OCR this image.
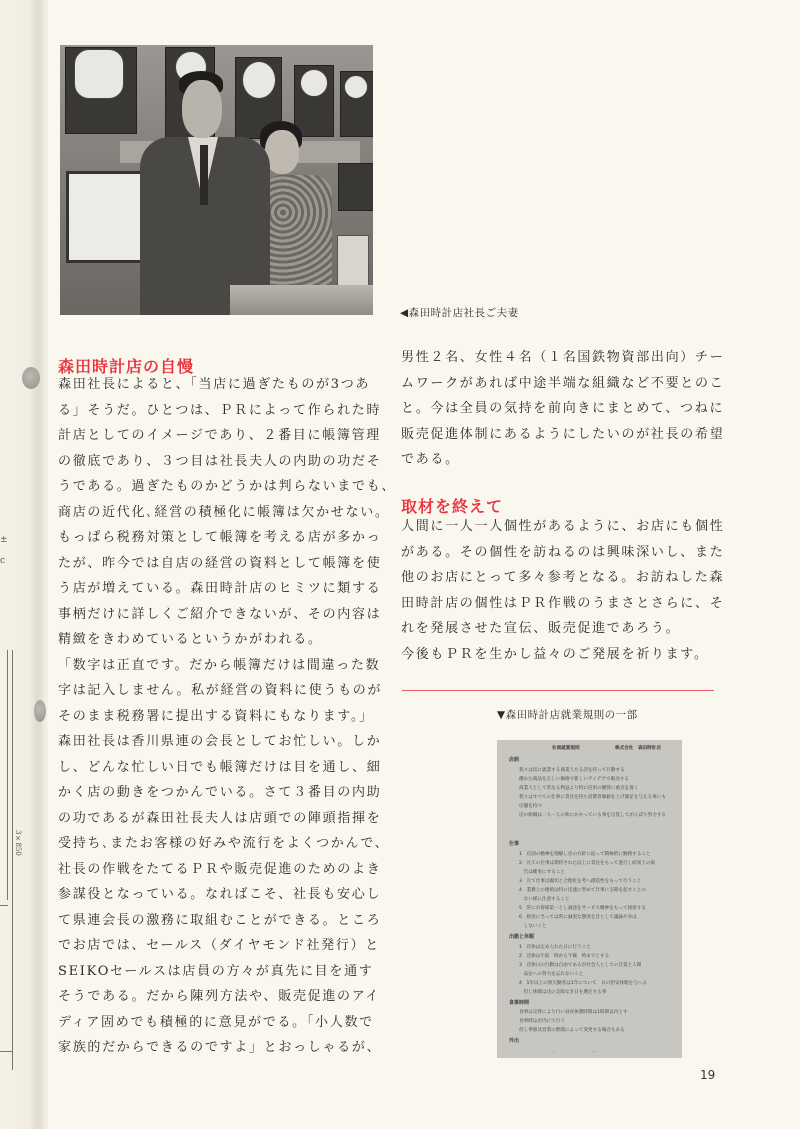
±
c
3×850
◀森田時計店社長ご夫妻
森田時計店の自慢
森田社長によると、「当店に過ぎたものが3つあ
る」そうだ。ひとつは、ＰＲによって作られた時
計店としてのイメージであり、２番目に帳簿管理
の徹底であり、３つ目は社長夫人の内助の功だそ
うである。過ぎたものかどうかは判らないまでも、
商店の近代化､経営の積極化に帳簿は欠かせない。
もっぱら税務対策として帳簿を考える店が多かっ
たが、昨今では自店の経営の資料として帳簿を使
う店が増えている。森田時計店のヒミツに類する
事柄だけに詳しくご紹介できないが、その内容は
精緻をきわめているというかがわれる。
「数字は正直です。だから帳簿だけは間違った数
字は記入しません。私が経営の資料に使うものが
そのまま税務署に提出する資料にもなります。」
森田社長は香川県連の会長としてお忙しい。しか
し、どんな忙しい日でも帳簿だけは目を通し、細
かく店の動きをつかんでいる。さて３番目の内助
の功であるが森田社長夫人は店頭での陣頭指揮を
受持ち､またお客様の好みや流行をよくつかんで、
社長の作戦をたてるＰＲや販売促進のためのよき
参謀役となっている。なればこそ、社長も安心し
て県連会長の激務に取組むことができる。ところ
でお店では、セールス（ダイヤモンド社発行）と
SEIKOセールスは店員の方々が真先に目を通す
そうである。だから陳列方法や、販売促進のアイ
ディア固めでも積極的に意見がでる。「小人数で
家族的だからできるのですよ」とおっしゃるが、
男性２名、女性４名（１名国鉄物資部出向）チー
ムワークがあれば中途半端な組織など不要とのこ
と。今は全員の気持を前向きにまとめて、つねに
販売促進体制にあるようにしたいのが社長の希望
である。
取材を終えて
人間に一人一人個性があるように、お店にも個性
がある。その個性を訪ねるのは興味深いし、また
他のお店にとって多々参考となる。お訪ねした森
田時計店の個性はＰＲ作戦のうまさとさらに、そ
れを発展させた宣伝、販売促進であろう。
今後もＰＲを生かし益々のご発展を祈ります。
▼森田時計店就業規則の一部
社員就業規則	株式会社　森田時計店
店訓
我々は店に就業する商業人たる誇を持って行動する
優れた商品を正しい価格で新しいアイデアで販売する
商業人として常なる利益より特に信用の獲得に重点を置く
我々はすべての仕事に責任を持ち消費者価値を上げ満足を与える事にも
店舗を持つ
店の組織は一人一人の和にかかっている事を自覚してがんばり努力する
仕事
1　店訓の精神を理解し店の方針に従って積極的に勤務すること
2　凡ての仕事は期待された以上に責任をもって遂行し結果上の報
　告は確実にすること
3　凡て仕事は親切と合理化を考へ創造性をもって行うこと
4　業務上の連絡は特に迅速に努めて仕事に支障を起すことの
　ない様に注意すること
5　常にお客様第一とし誠意をサービス精神をもって接客する
6　接客に当っては常に誠実な態度を旨として議論や争は
　しないこと
出勤と休暇
1　店休は定められた日に行うこと
2　店休は午前　時から午後　時までとする
3　店休日の行動は自由であるが社会人としての自覚と人間
　品位への努力を忘れないこと
4　1年以上の無欠勤者は1年について　日の慰安休暇を与へる
　但し休暇は店の支障なき日を選定する事
食事時間
食事は交替により行い昼食休憩時間は1時間以内とす
食事時は店内にて行う
但し季節及営業の繁閑によって変更する場合もある
外出
19
